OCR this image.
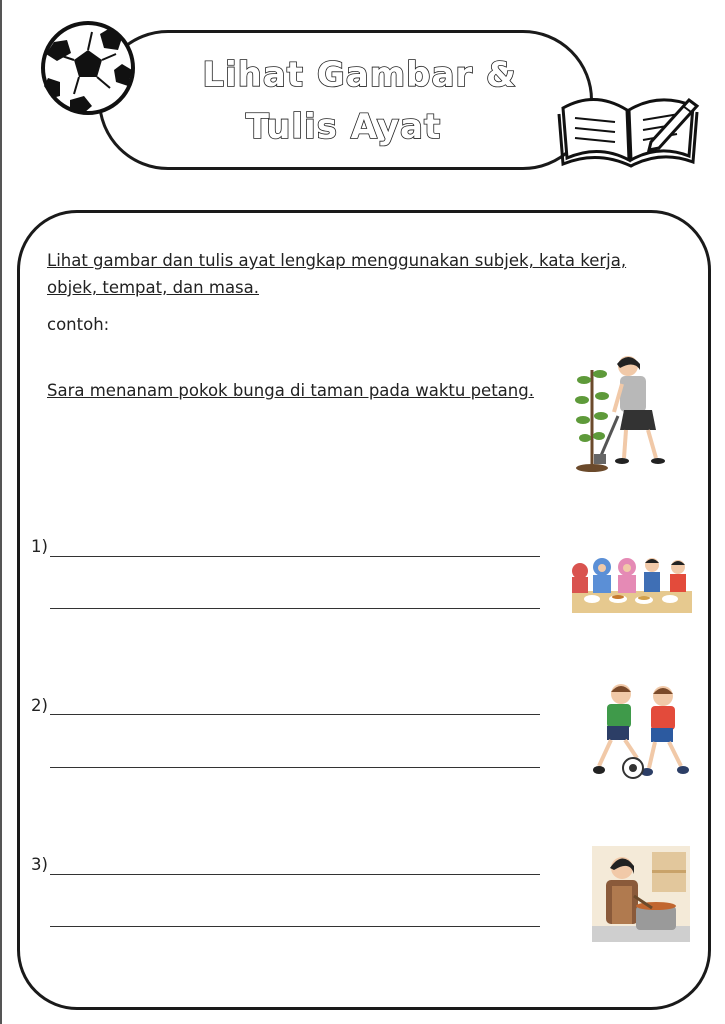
Lihat Gambar &
Tulis Ayat
Lihat gambar dan tulis ayat lengkap menggunakan subjek, kata kerja, objek, tempat, dan masa.
contoh:
Sara menanam pokok bunga di taman pada waktu petang.
1)
2)
3)
